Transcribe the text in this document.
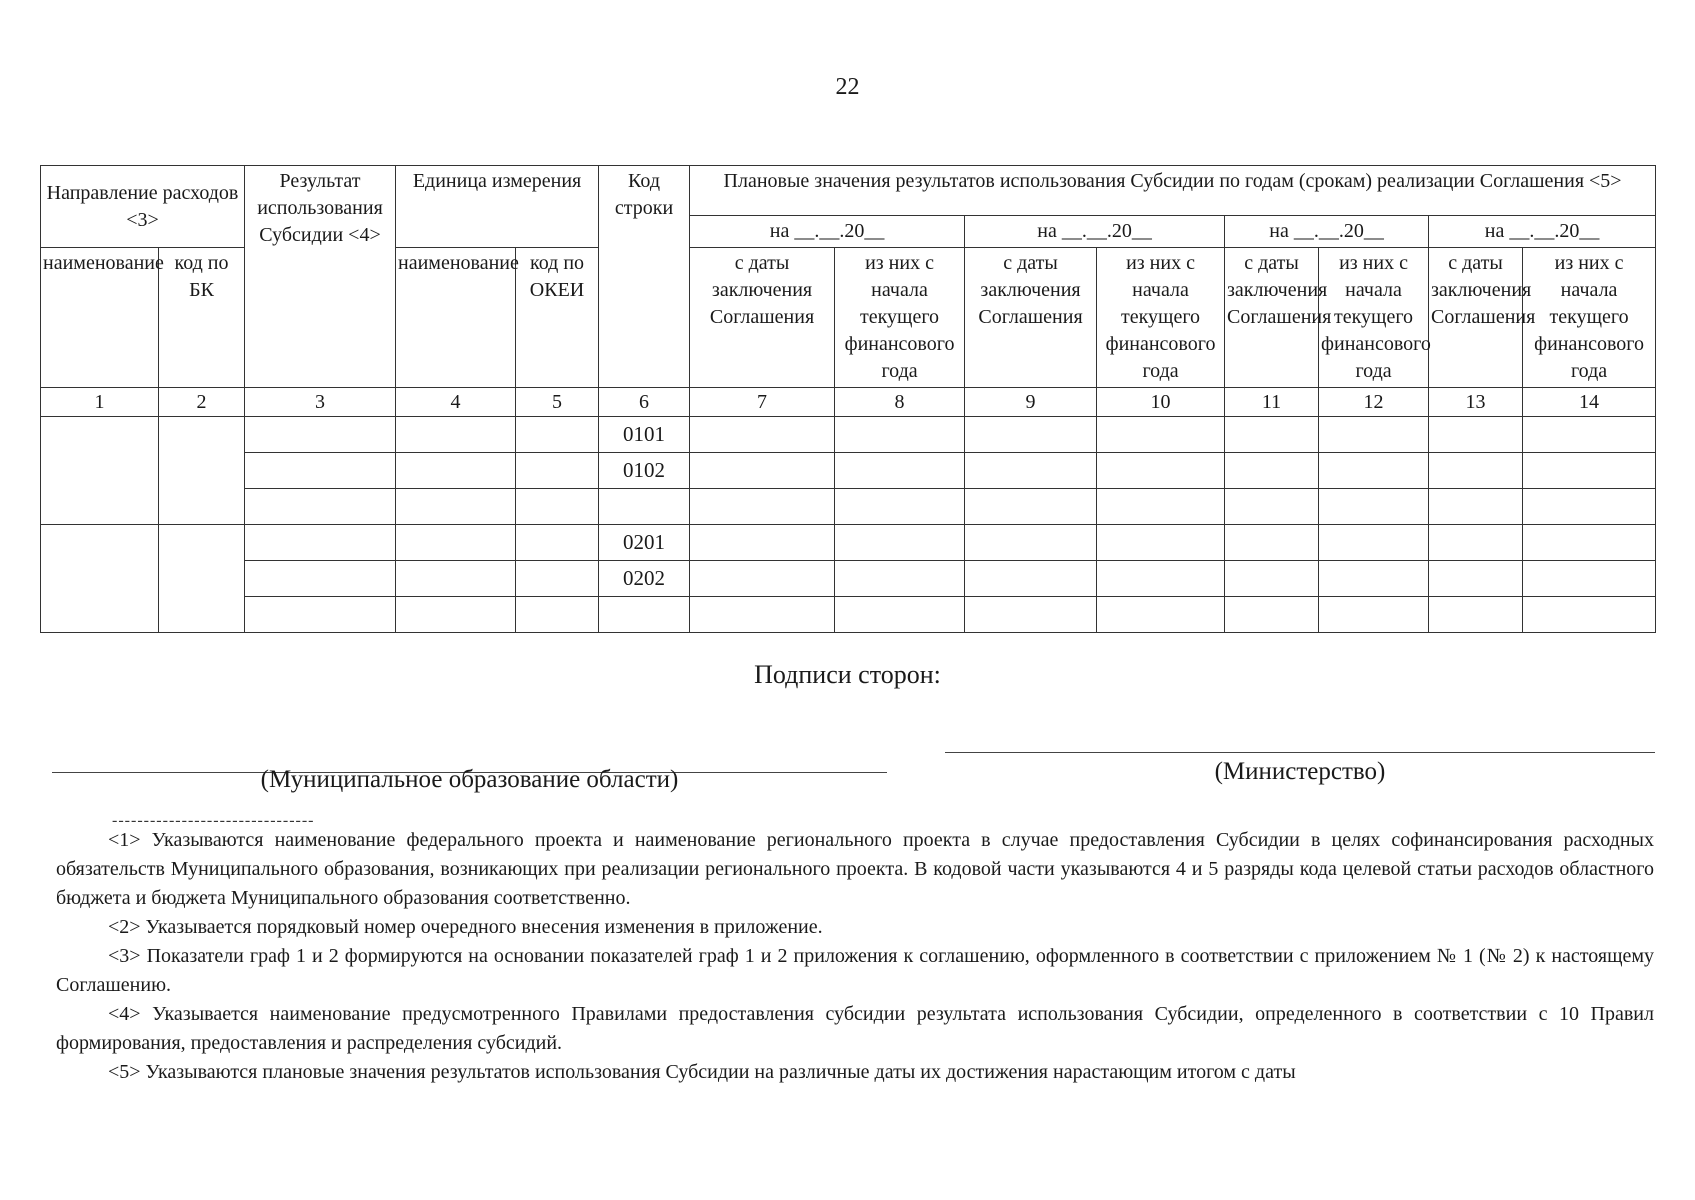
22
Направление расходов <3>		Результат использования Субсидии <4>	Единица измерения		Код строки	Плановые значения результатов использования Субсидии по годам (срокам) реализации Соглашения <5>							
						на __.__.20__		на __.__.20__		на __.__.20__		на __.__.20__	
наименование	код по БК		наименование	код по ОКЕИ		с даты заключения Соглашения	из них с начала текущего финансового года	с даты заключения Соглашения	из них с начала текущего финансового года	с даты заключения Соглашения	из них с начала текущего финансового года	с даты заключения Соглашения	из них с начала текущего финансового года

1	2	3	4	5	6	7	8	9	10	11	12	13	14
					0101								
					0102								

					0201								
					0202								

Подписи сторон:
(Муниципальное образование области)	(Министерство)
--------------------------------

<1> Указываются наименование федерального проекта и наименование регионального проекта в случае предоставления Субсидии в целях софинансирования расходных обязательств Муниципального образования, возникающих при реализации регионального проекта. В кодовой части указываются 4 и 5 разряды кода целевой статьи расходов областного бюджета и бюджета Муниципального образования соответственно.

<2> Указывается порядковый номер очередного внесения изменения в приложение.

<3> Показатели граф 1 и 2 формируются на основании показателей граф 1 и 2 приложения к соглашению, оформленного в соответствии с приложением № 1 (№ 2) к настоящему Соглашению.

<4> Указывается наименование предусмотренного Правилами предоставления субсидии результата использования Субсидии, определенного в соответствии с 10 Правил формирования, предоставления и распределения субсидий.

<5> Указываются плановые значения результатов использования Субсидии на различные даты их достижения нарастающим итогом с даты
